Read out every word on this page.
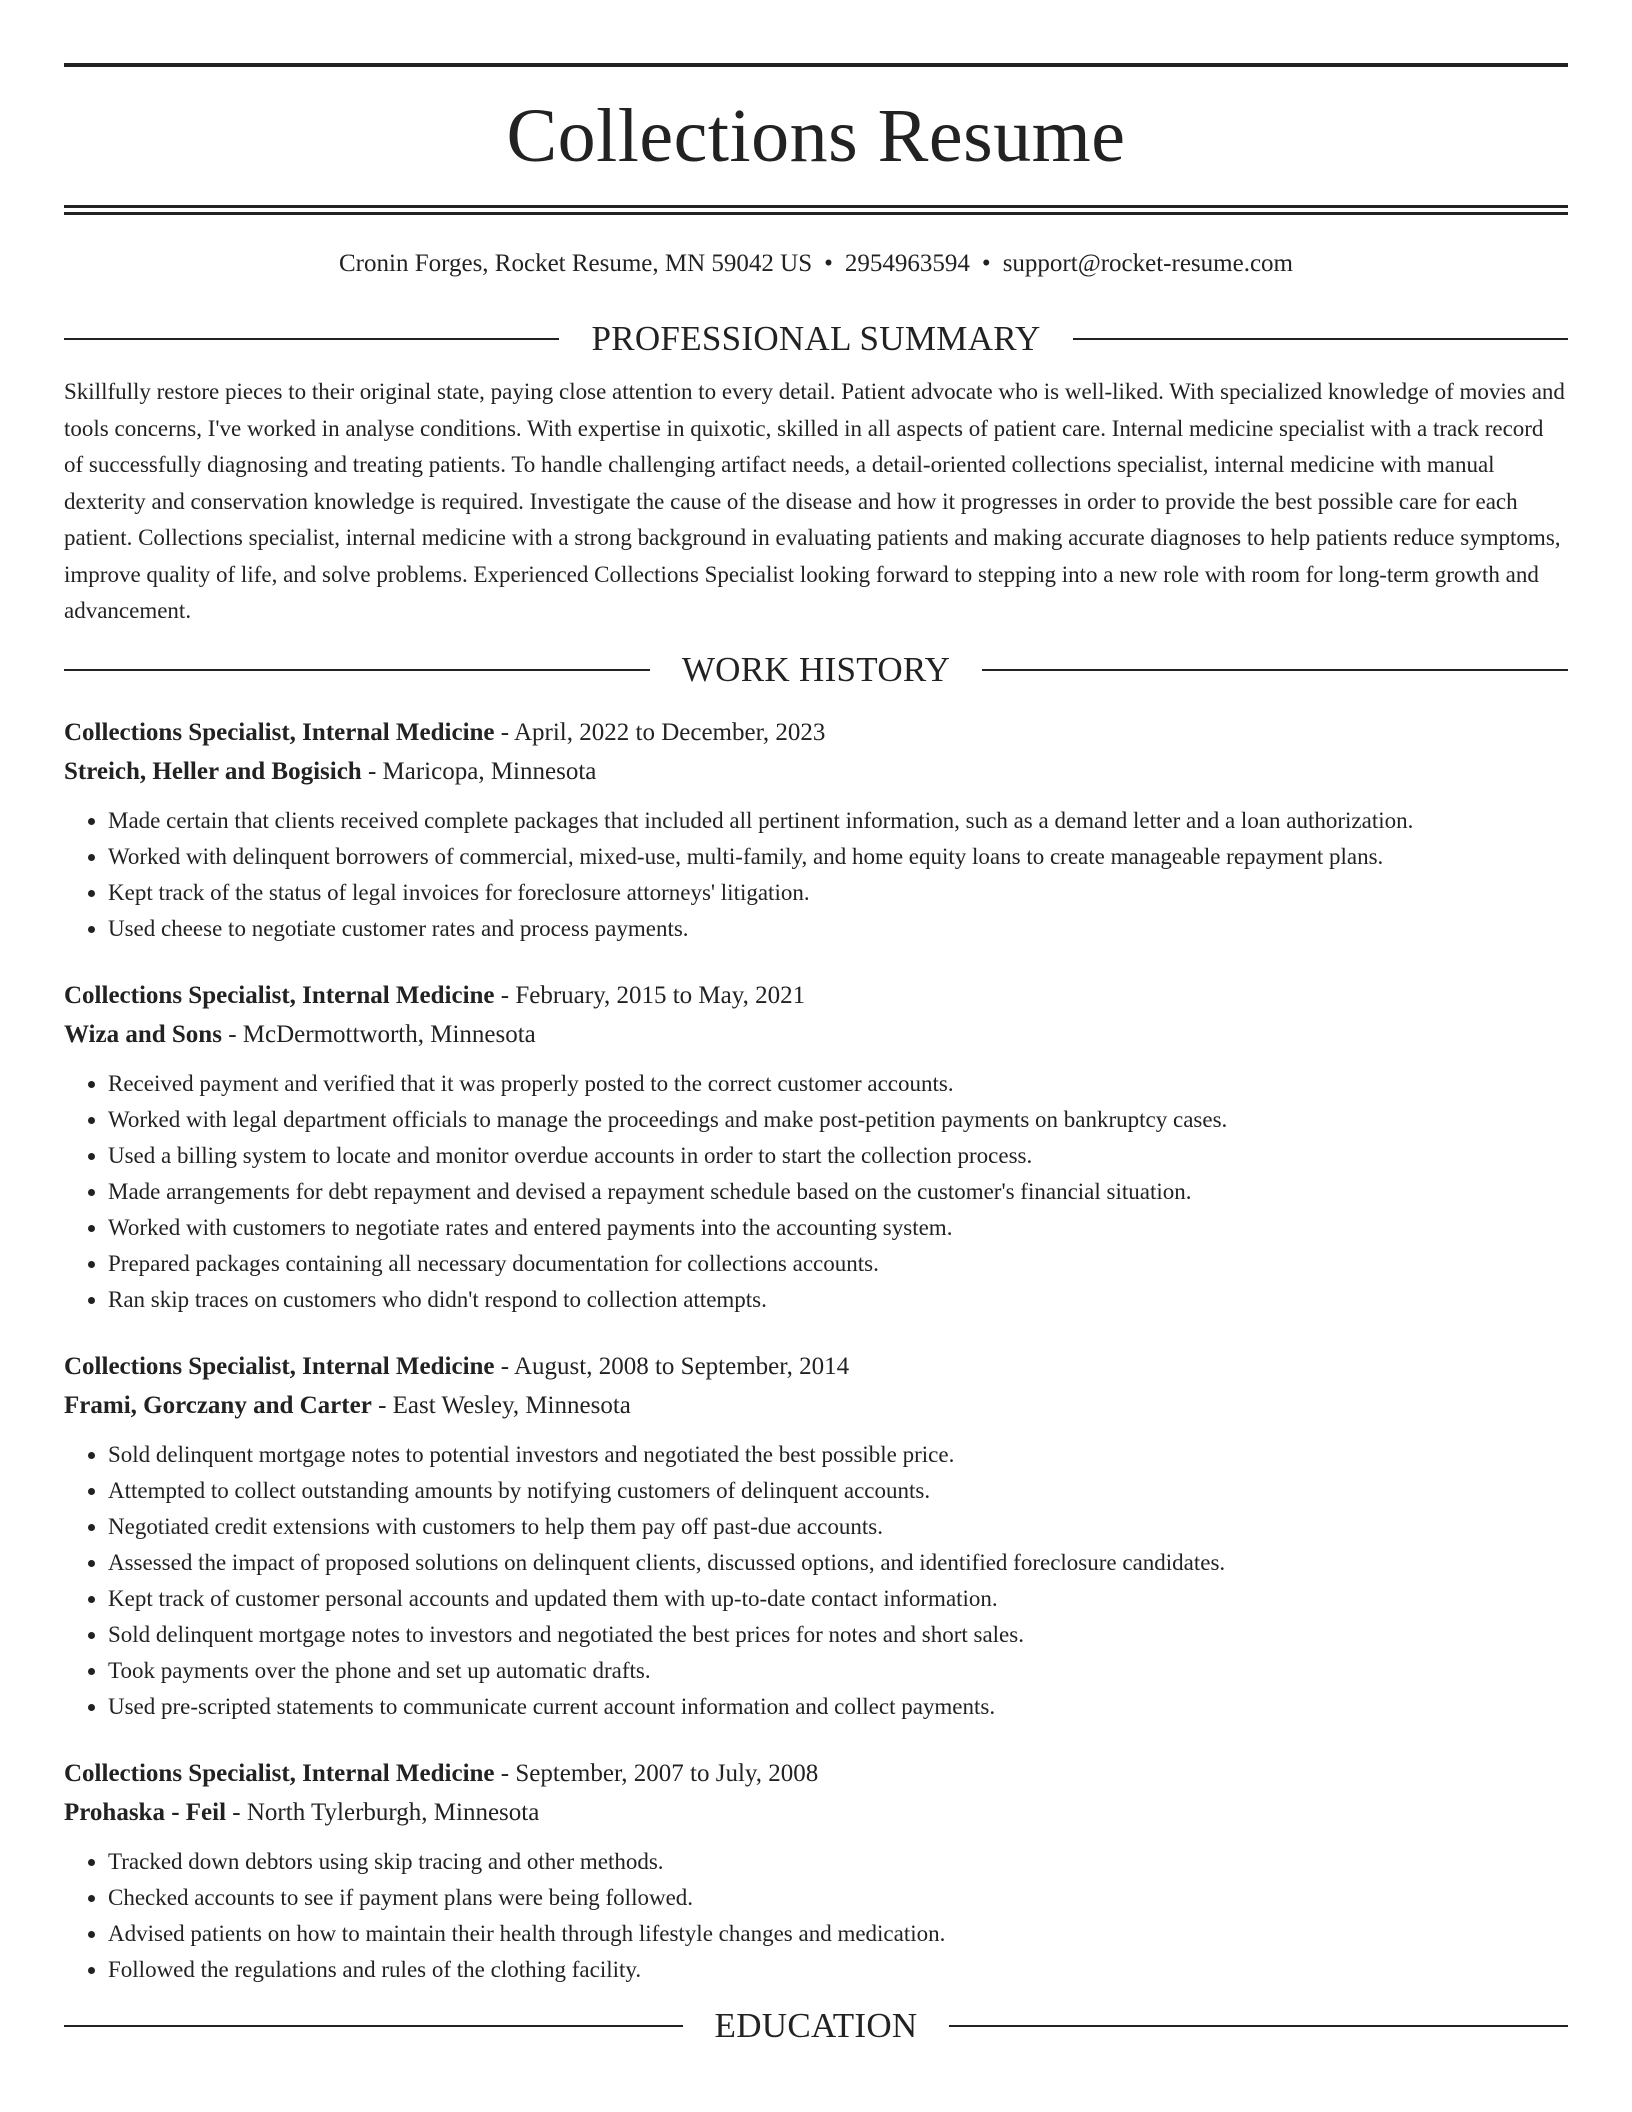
Collections Resume
Cronin Forges, Rocket Resume, MN 59042 US • 2954963594 • support@rocket-resume.com
PROFESSIONAL SUMMARY
Skillfully restore pieces to their original state, paying close attention to every detail. Patient advocate who is well-liked. With specialized knowledge of movies and tools concerns, I've worked in analyse conditions. With expertise in quixotic, skilled in all aspects of patient care. Internal medicine specialist with a track record of successfully diagnosing and treating patients. To handle challenging artifact needs, a detail-oriented collections specialist, internal medicine with manual dexterity and conservation knowledge is required. Investigate the cause of the disease and how it progresses in order to provide the best possible care for each patient. Collections specialist, internal medicine with a strong background in evaluating patients and making accurate diagnoses to help patients reduce symptoms, improve quality of life, and solve problems. Experienced Collections Specialist looking forward to stepping into a new role with room for long-term growth and advancement.
WORK HISTORY
Collections Specialist, Internal Medicine - April, 2022 to December, 2023
Streich, Heller and Bogisich - Maricopa, Minnesota
• Made certain that clients received complete packages that included all pertinent information, such as a demand letter and a loan authorization.
• Worked with delinquent borrowers of commercial, mixed-use, multi-family, and home equity loans to create manageable repayment plans.
• Kept track of the status of legal invoices for foreclosure attorneys' litigation.
• Used cheese to negotiate customer rates and process payments.
Collections Specialist, Internal Medicine - February, 2015 to May, 2021
Wiza and Sons - McDermottworth, Minnesota
• Received payment and verified that it was properly posted to the correct customer accounts.
• Worked with legal department officials to manage the proceedings and make post-petition payments on bankruptcy cases.
• Used a billing system to locate and monitor overdue accounts in order to start the collection process.
• Made arrangements for debt repayment and devised a repayment schedule based on the customer's financial situation.
• Worked with customers to negotiate rates and entered payments into the accounting system.
• Prepared packages containing all necessary documentation for collections accounts.
• Ran skip traces on customers who didn't respond to collection attempts.
Collections Specialist, Internal Medicine - August, 2008 to September, 2014
Frami, Gorczany and Carter - East Wesley, Minnesota
• Sold delinquent mortgage notes to potential investors and negotiated the best possible price.
• Attempted to collect outstanding amounts by notifying customers of delinquent accounts.
• Negotiated credit extensions with customers to help them pay off past-due accounts.
• Assessed the impact of proposed solutions on delinquent clients, discussed options, and identified foreclosure candidates.
• Kept track of customer personal accounts and updated them with up-to-date contact information.
• Sold delinquent mortgage notes to investors and negotiated the best prices for notes and short sales.
• Took payments over the phone and set up automatic drafts.
• Used pre-scripted statements to communicate current account information and collect payments.
Collections Specialist, Internal Medicine - September, 2007 to July, 2008
Prohaska - Feil - North Tylerburgh, Minnesota
• Tracked down debtors using skip tracing and other methods.
• Checked accounts to see if payment plans were being followed.
• Advised patients on how to maintain their health through lifestyle changes and medication.
• Followed the regulations and rules of the clothing facility.
EDUCATION
